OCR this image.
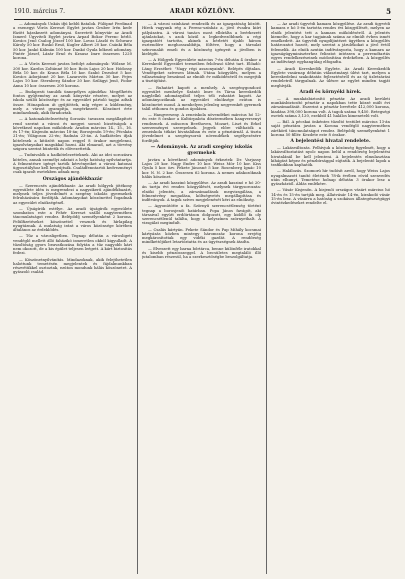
1910. március 7.	ARADI KÖZLÖNY.	5
— Adományok Ünkás ifjú keblű fiatalok. Fülöpné Ferdinad a esenegyi Vörös Kereszt Egylet javára Gruber Irén kedv fűzött hárakezett adományai. Szeretett könyvtár az Aradi Ismerő Ügyviteli Egylet javára Arpad Bokor Ferenc bérlő. Kovács Jenő Csalog József 100 kor. Lovas László és Schwarz Károly 50 kor. Ruskó Ernő, Kugler Albert 20 kor. Csánki Béla 50 kor. Jankó Kálmán 100 kor. Dankó Gyula bőkezű adomány. Pintér József, Lázár Ernő és Krausz Imre összesen 1220 korona.
— A Vörös Kereszt javára befolyt adományok: Wölzne M. 200 kor. Kardos Zoltánné 50 kor. Boós Lajos 20 kor. Hódossy Béla 10 kor. dr. Kraus Béla 10 kor. Szabó Dezsőné 5 kor. Kovács Adorjánné 20 kor. Lazarovits Márton 30 kor. Fejes Lajos 10 kor. Sternberg Sándor 20 kor. Szilágyi Jenő, Fodor Anna 10 kor. összesen 200 korona.
— Budapesti tanulók ünnepélyes ajándéka: Megélhetés fontos gyűjtemény az aradi könyvtár részére, melyet az iskola szülői közössége és az egyesület pártoló tagjai adtak össze. Hónapokon át gyűjtöttek, míg végre a küldemény, mely a várost gyarapítja, megérkezett. Köszönet érte mindazoknak, akik fáradoztak.
— A katonakötelezettség Sorozás: tavaszra megállapított rend szerint a városi és megyei sorozó bizottságok a következő napokon működnek: Aradon március 14., 15., 16. és 17-én; Kisjenőn március 18-án; Borosjenőn 19-én; Pécskán 21-én; Világoson 22-én; Radnán 23-án. A hadköteles ifjak kötelesek a kitűzött napon reggel 8 órakor megjelenni, igazolványaikat magukkal hozni. Aki elmarad, azt a törvény szigora szerint büntetik és elővezettetik.
— Tudnivalók a hadkötelezetteknek. Aki az idei sorozásra köteles, annak személyi adatait a helyi hatóság nyilvántartja. A felmentésre igényt tartók kérvényeiket a városi katonai ügyosztályhoz kell benyújtsák. Családfenntartói kedvezményt csak igazolt esetekben adnak meg.
Országos ajándékbazár
— Szerencsés ajándékbazár. Az aradi hölgyek jótékony egyesülete idén is megrendezi a nagysikerű ajándékbazárt, melynek teljes jövedelmét a szegény iskolás gyermekek felruházására fordítják. Adományokat köszönettel fogadnak az egyesület elnökségénél.
— Újságírók estélye. Az aradi újságírók egyesülete szombaton este a Fehér Kereszt szálló nagytermében táncmulatságot rendez. Belépődíj személyenként 2 korona. Felülfizetéseket köszönettel vesznek és hírlapilag nyugtáznak. A mulatság iránt a város közönsége körében általános az érdeklődés.
— Tűz a városligetben. Tegnap délután a városligeti vendéglő mellett álló faházikó ismeretlen okból kigyulladt. A tűzoltóság gyors beavatkozása folytán a tűz nagyobb kárt nem okozott, de a kis épület teljesen leégett. A kárt biztosítás fedezi.
— Köszönetnyilvánítás. Mindazoknak, akik felejthetetlen halottunk temetésén megjelentek és fájdalmunkban részvétükkel osztoztak, ezúton mondunk hálás köszönetet. A gyászoló család.
— A városi szinházat rendezők és az igazgatóság között. Hírek vagyunk rég a Ferenc-színház a, jövő évadra kiírt pályázatra. A városi tanács most elbírálta a beérkezett ajánlatokat, s azok közül a legkedvezőbbnek a régi igazgatóét tartotta, akinek a bérletét újabb három esztendőre meghosszabbítja, föltéve, hogy a társulat színvonalát emeli és a közönség igényeit a jövőben is kielégíti.
— A Hölgyek Egyesülete március 7-én délután 4 órakor a Kereskedő Egyesület termeiben felolvasó ülést tart. Előadó: Láng Erzsébet: "Nagy régi asszonyaink". Belépés díjtalan. Vendégeket szívesen látnak. Utána közgyűlés, melyen a választmány beszámol az elmúlt év működéséről és megejtik a tisztújítást.
— Ruhatárt kapott a menhely. A szegénygondozó egyesület menhelye Szántó Imre és Társa kereskedők nagylelkű adományából teljes téli ruhatárt kapott. Az adományozóknak az egyesület elnöksége ezúton is köszönetet mond. A menhelyen jelenleg negyvenkét gyermek talál otthonra és gondos ápolásra.
— Hangverseny. A zeneiskola növendékei március hó 12-én este 8 órakor a Kultúrpalota dísztermében hangversenyt rendeznek. A műsoron Beethoven, Mozart, Liszt és Erkel szerzeményei szerepelnek. Jegyek előre válthatók a zeneiskola titkári hivatalában és este a pénztárnál. A tiszta jövedelmet a szegénysorsú növendékek segélyezésére fordítják.
— Adományok. Az aradi szegény iskolás gyermekek
javára a következő adományok érkeztek: Dr. Varjassy Lajos 20 kor. Nagy Endre 10 kor. Weisz Mór 10 kor. Kiss Gyula 5 kor. özv. Fekete Jánosné 5 kor. Rosenberg Ignác 10 kor. N. N. 2 kor. Összesen 62 korona. A nemes adakozóknak hálás köszönet.
— Az aradi kaszinó közgyűlése. Az aradi kaszinó e hó 20-án tartja évi rendes közgyűlését, melynek tárgysorozata: elnöki jelentés, a zárszámadások megvizsgálása, a felmentvény megadása, költségvetés megállapítása és indítványok. A tagok szíves megjelenését kéri az elnökség.
— Agyonütötte a fa. Szörnyű szerencsétlenség történt tegnap a borosjenői határban. Popa János favágót, aki társaival együtt erdőirtáson dolgozott, egy kidőlő fa oly szerencsétlenül találta, hogy a helyszínen szörnyethalt. A vizsgálat megindult.
— Csalás kártyán. Fekete Sándor és Pap Mihály kocsmai kártyázás közben mintegy háromszáz korona erejéig megkárosítottak egy vidéki gazdát. A rendőrség mindkettőjüket letartóztatta és az ügyészségnek átadta.
— Elveszett egy barna bőrtárca, benne különféle iratokkal és kisebb pénzösszeggel. A becsületes megtaláló illő jutalomban részesül, ha a szerkesztőségbe beszolgáltatja.
— Az aradi ügyvédi kamara közgyűlése. Az aradi ügyvédi kamara e hó 5-én tartotta rendes évi közgyűlését, melyen az elnök jelentést tett a kamara működéséről. A jelentés kiemelte, hogy a kar tagjainak száma az elmúlt évben ismét emelkedett. Az ügyvédi nyugdíjintézet ügyében a közgyűlés határozatot hozott, mely szerint a járulékokat a jövő évtől felemelik. Az elnök azután indítványozta, hogy a kamara az igazságügyminiszterhez feliratot intézzen a perrendtartás egyes rendelkezéseinek módosítása érdekében. A közgyűlés az indítványt egyhangúlag elfogadta.
— Aradi Kereskedők Egylete. Az Aradi Kereskedők Egylete vasárnap délután választmányi ülést tart, melyen a kereskedelmi szakoktatás fejlesztéséről és az új üzletzárási rendeletről tárgyalnak. Az ülésre az egylet minden tagját meghívják.
Aradi és környéki hírek.
— A munkásbiztosító pénztár. Az aradi kerületi munkásbiztosító pénztár a napokban tette közzé múlt évi zárszámadását. Eszerint a pénztár bevétele 412,000 korona, kiadása 398,000 korona volt. A tagok száma 9,450. Betegségi esetek száma 3,120, ezekből 41 halálos kimenetelű volt.
— Bál. A pécskai önkéntes tűzoltó testület március 13-án saját pénztára javára a Korona vendéglő nagytermében zártkörű táncmulatságot rendez. Belépődíj személyenként 1 korona 50 fillér. Kezdete este 8 órakor.
A bejelentési hivatal rendelete.
— Lakásváltozás. Felhívjuk a közönség figyelmét, hogy a lakásváltoztatást nyolc napon belül a rendőrség bejelentési hivatalánál be kell jelenteni. A bejelentés elmulasztása kihágást képez és pénzbírsággal sújtatik. A bejelentő lapok a trafikokban kaphatók.
— Halálozás. Szomorú hír tudósít arról, hogy Weiss Lajos nyugalmazott tanító életének 78-ik évében rövid szenvedés után elhunyt. Temetése holnap délután 3 órakor lesz a gyászháztól. Áldás emlékére.
— Vásár Kisjenőn. A kisjenői országos vásárt március hó 14-én és 15-én tartják meg. Állatvásár 14-én, kirakodó vásár 15-én lesz. A vásárra a hatóság a szokásos állategészségügyi óvintézkedéseket rendelte el.
